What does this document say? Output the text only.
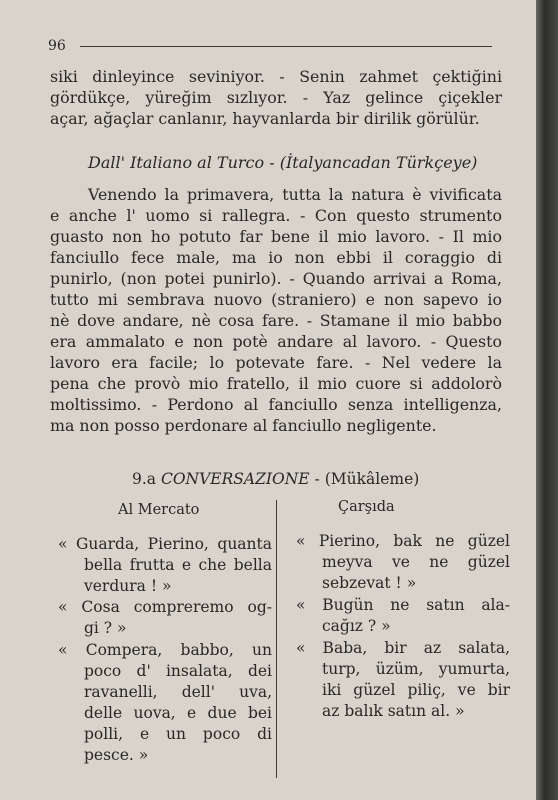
96
siki dinleyince seviniyor. - Senin zahmet çektiğini
gördükçe, yüreğim sızlıyor. - Yaz gelince çiçekler
açar, ağaçlar canlanır, hayvanlarda bir dirilik görülür.
Dall' Italiano al Turco - (İtalyancadan Türkçeye)
Venendo la primavera, tutta la natura è vivificata
e anche l' uomo si rallegra. - Con questo strumento
guasto non ho potuto far bene il mio lavoro. - Il mio
fanciullo fece male, ma io non ebbi il coraggio di
punirlo, (non potei punirlo). - Quando arrivai a Roma,
tutto mi sembrava nuovo (straniero) e non sapevo io
nè dove andare, nè cosa fare. - Stamane il mio babbo
era ammalato e non potè andare al lavoro. - Questo
lavoro era facile; lo potevate fare. - Nel vedere la
pena che provò mio fratello, il mio cuore si addolorò
moltissimo. - Perdono al fanciullo senza intelligenza,
ma non posso perdonare al fanciullo negligente.
9.a CONVERSAZIONE - (Mükâleme)
Al Mercato	Çarşıda
« Guarda, Pierino, quanta
bella frutta e che bella
verdura ! »
« Cosa compreremo og-
gi ? »
« Compera, babbo, un
poco d' insalata, dei
ravanelli, dell' uva,
delle uova, e due bei
polli, e un poco di
pesce. »
« Pierino, bak ne güzel
meyva ve ne güzel
sebzevat ! »
« Bugün ne satın ala-
cağız ? »
« Baba, bir az salata,
turp, üzüm, yumurta,
iki güzel piliç, ve bir
az balık satın al. »
